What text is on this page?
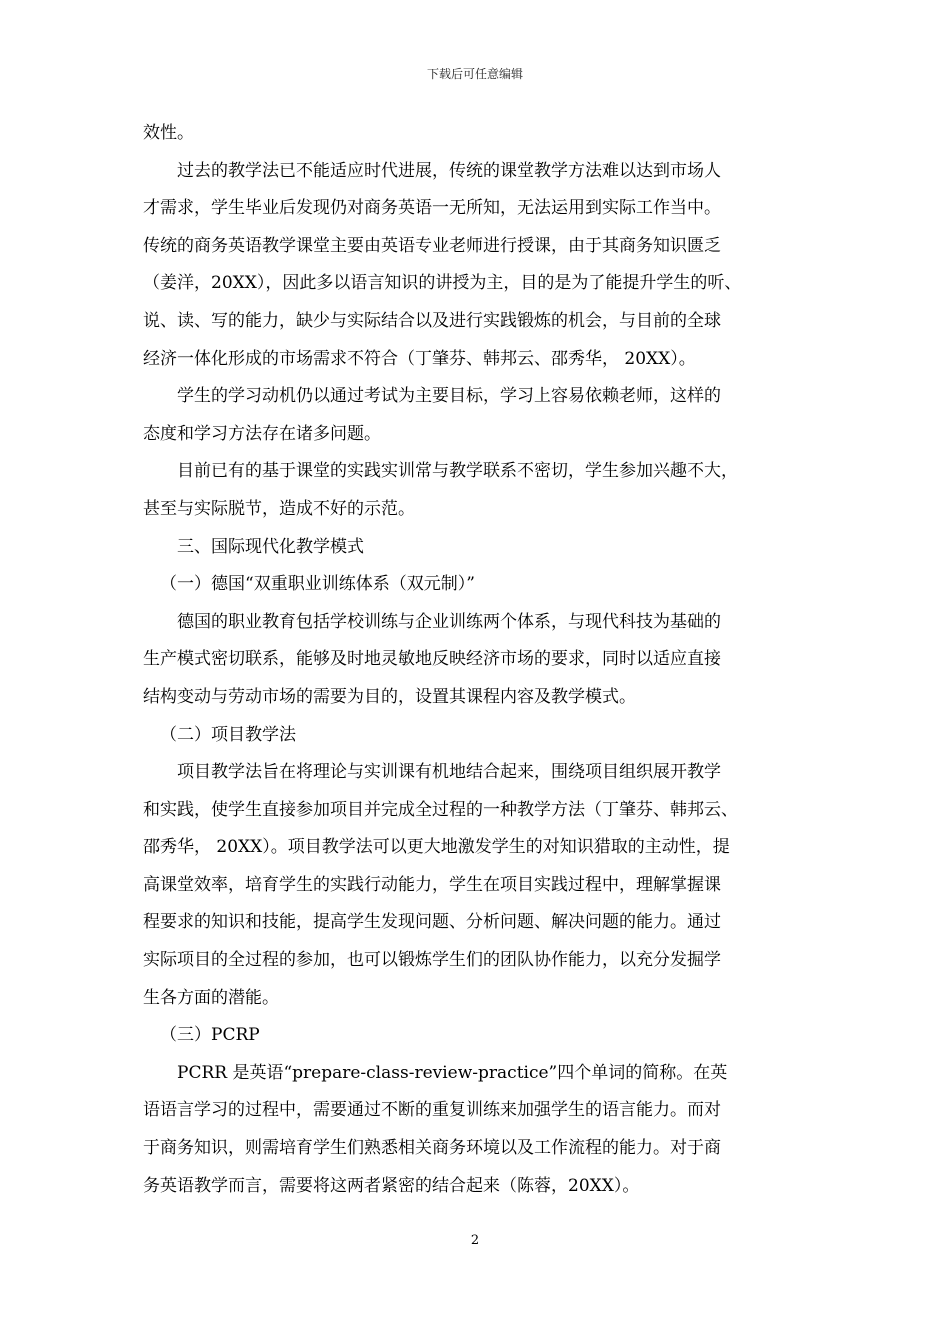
下载后可任意编辑
效性。
过去的教学法已不能适应时代进展，传统的课堂教学方法难以达到市场人
才需求，学生毕业后发现仍对商务英语一无所知，无法运用到实际工作当中。
传统的商务英语教学课堂主要由英语专业老师进行授课，由于其商务知识匮乏
（姜洋，20XX），因此多以语言知识的讲授为主，目的是为了能提升学生的听、
说、读、写的能力，缺少与实际结合以及进行实践锻炼的机会，与目前的全球
经济一体化形成的市场需求不符合（丁肇芬、韩邦云、邵秀华， 20XX）。
学生的学习动机仍以通过考试为主要目标，学习上容易依赖老师，这样的
态度和学习方法存在诸多问题。
目前已有的基于课堂的实践实训常与教学联系不密切，学生参加兴趣不大，
甚至与实际脱节，造成不好的示范。
三、国际现代化教学模式
（一）德国“双重职业训练体系（双元制）”
德国的职业教育包括学校训练与企业训练两个体系，与现代科技为基础的
生产模式密切联系，能够及时地灵敏地反映经济市场的要求，同时以适应直接
结构变动与劳动市场的需要为目的，设置其课程内容及教学模式。
（二）项目教学法
项目教学法旨在将理论与实训课有机地结合起来，围绕项目组织展开教学
和实践，使学生直接参加项目并完成全过程的一种教学方法（丁肇芬、韩邦云、
邵秀华， 20XX）。项目教学法可以更大地激发学生的对知识猎取的主动性，提
高课堂效率，培育学生的实践行动能力，学生在项目实践过程中，理解掌握课
程要求的知识和技能，提高学生发现问题、分析问题、解决问题的能力。通过
实际项目的全过程的参加，也可以锻炼学生们的团队协作能力，以充分发掘学
生各方面的潜能。
（三）PCRP
PCRR 是英语“prepare-class-review-practice”四个单词的简称。在英
语语言学习的过程中，需要通过不断的重复训练来加强学生的语言能力。而对
于商务知识，则需培育学生们熟悉相关商务环境以及工作流程的能力。对于商
务英语教学而言，需要将这两者紧密的结合起来（陈蓉，20XX）。
2
